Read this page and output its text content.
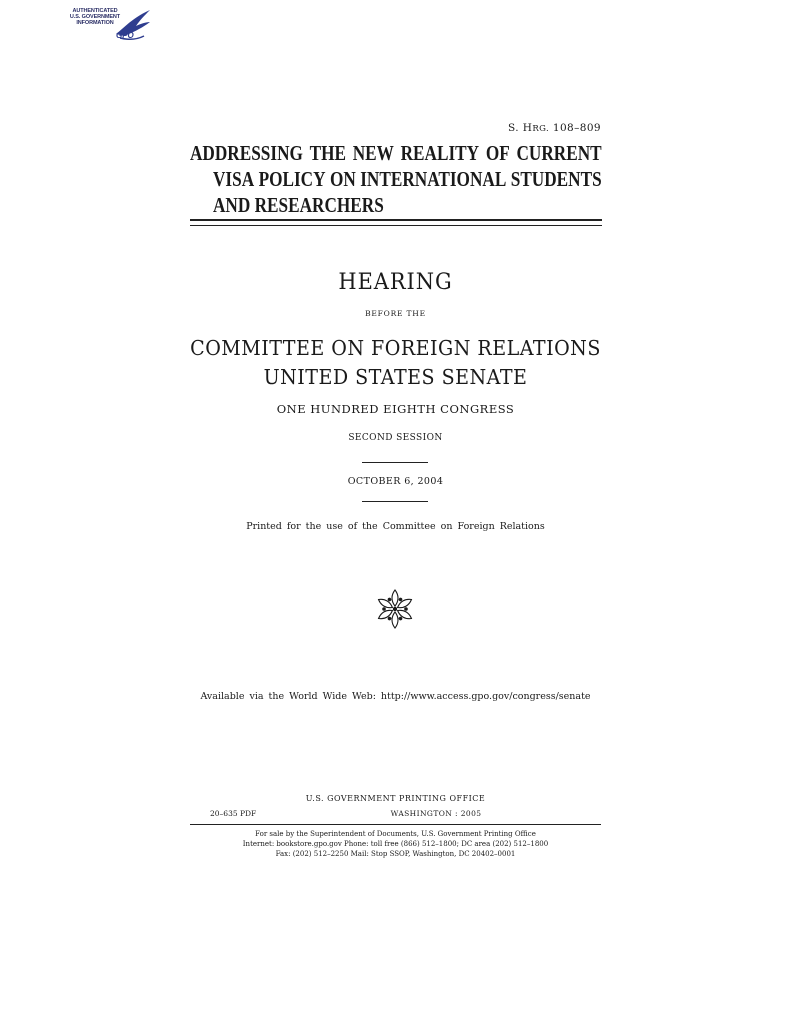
AUTHENTICATED
U.S. GOVERNMENT
INFORMATION
GPO
S. HRG. 108–809
ADDRESSING THE NEW REALITY OF CURRENT
VISA POLICY ON INTERNATIONAL STUDENTS
AND RESEARCHERS
HEARING
BEFORE THE
COMMITTEE ON FOREIGN RELATIONS
UNITED STATES SENATE
ONE HUNDRED EIGHTH CONGRESS
SECOND SESSION
OCTOBER 6, 2004
Printed for the use of the Committee on Foreign Relations
Available via the World Wide Web: http://www.access.gpo.gov/congress/senate
U.S. GOVERNMENT PRINTING OFFICE
20–635 PDF	WASHINGTON : 2005
For sale by the Superintendent of Documents, U.S. Government Printing Office
Internet: bookstore.gpo.gov Phone: toll free (866) 512–1800; DC area (202) 512–1800
Fax: (202) 512–2250 Mail: Stop SSOP, Washington, DC 20402–0001
